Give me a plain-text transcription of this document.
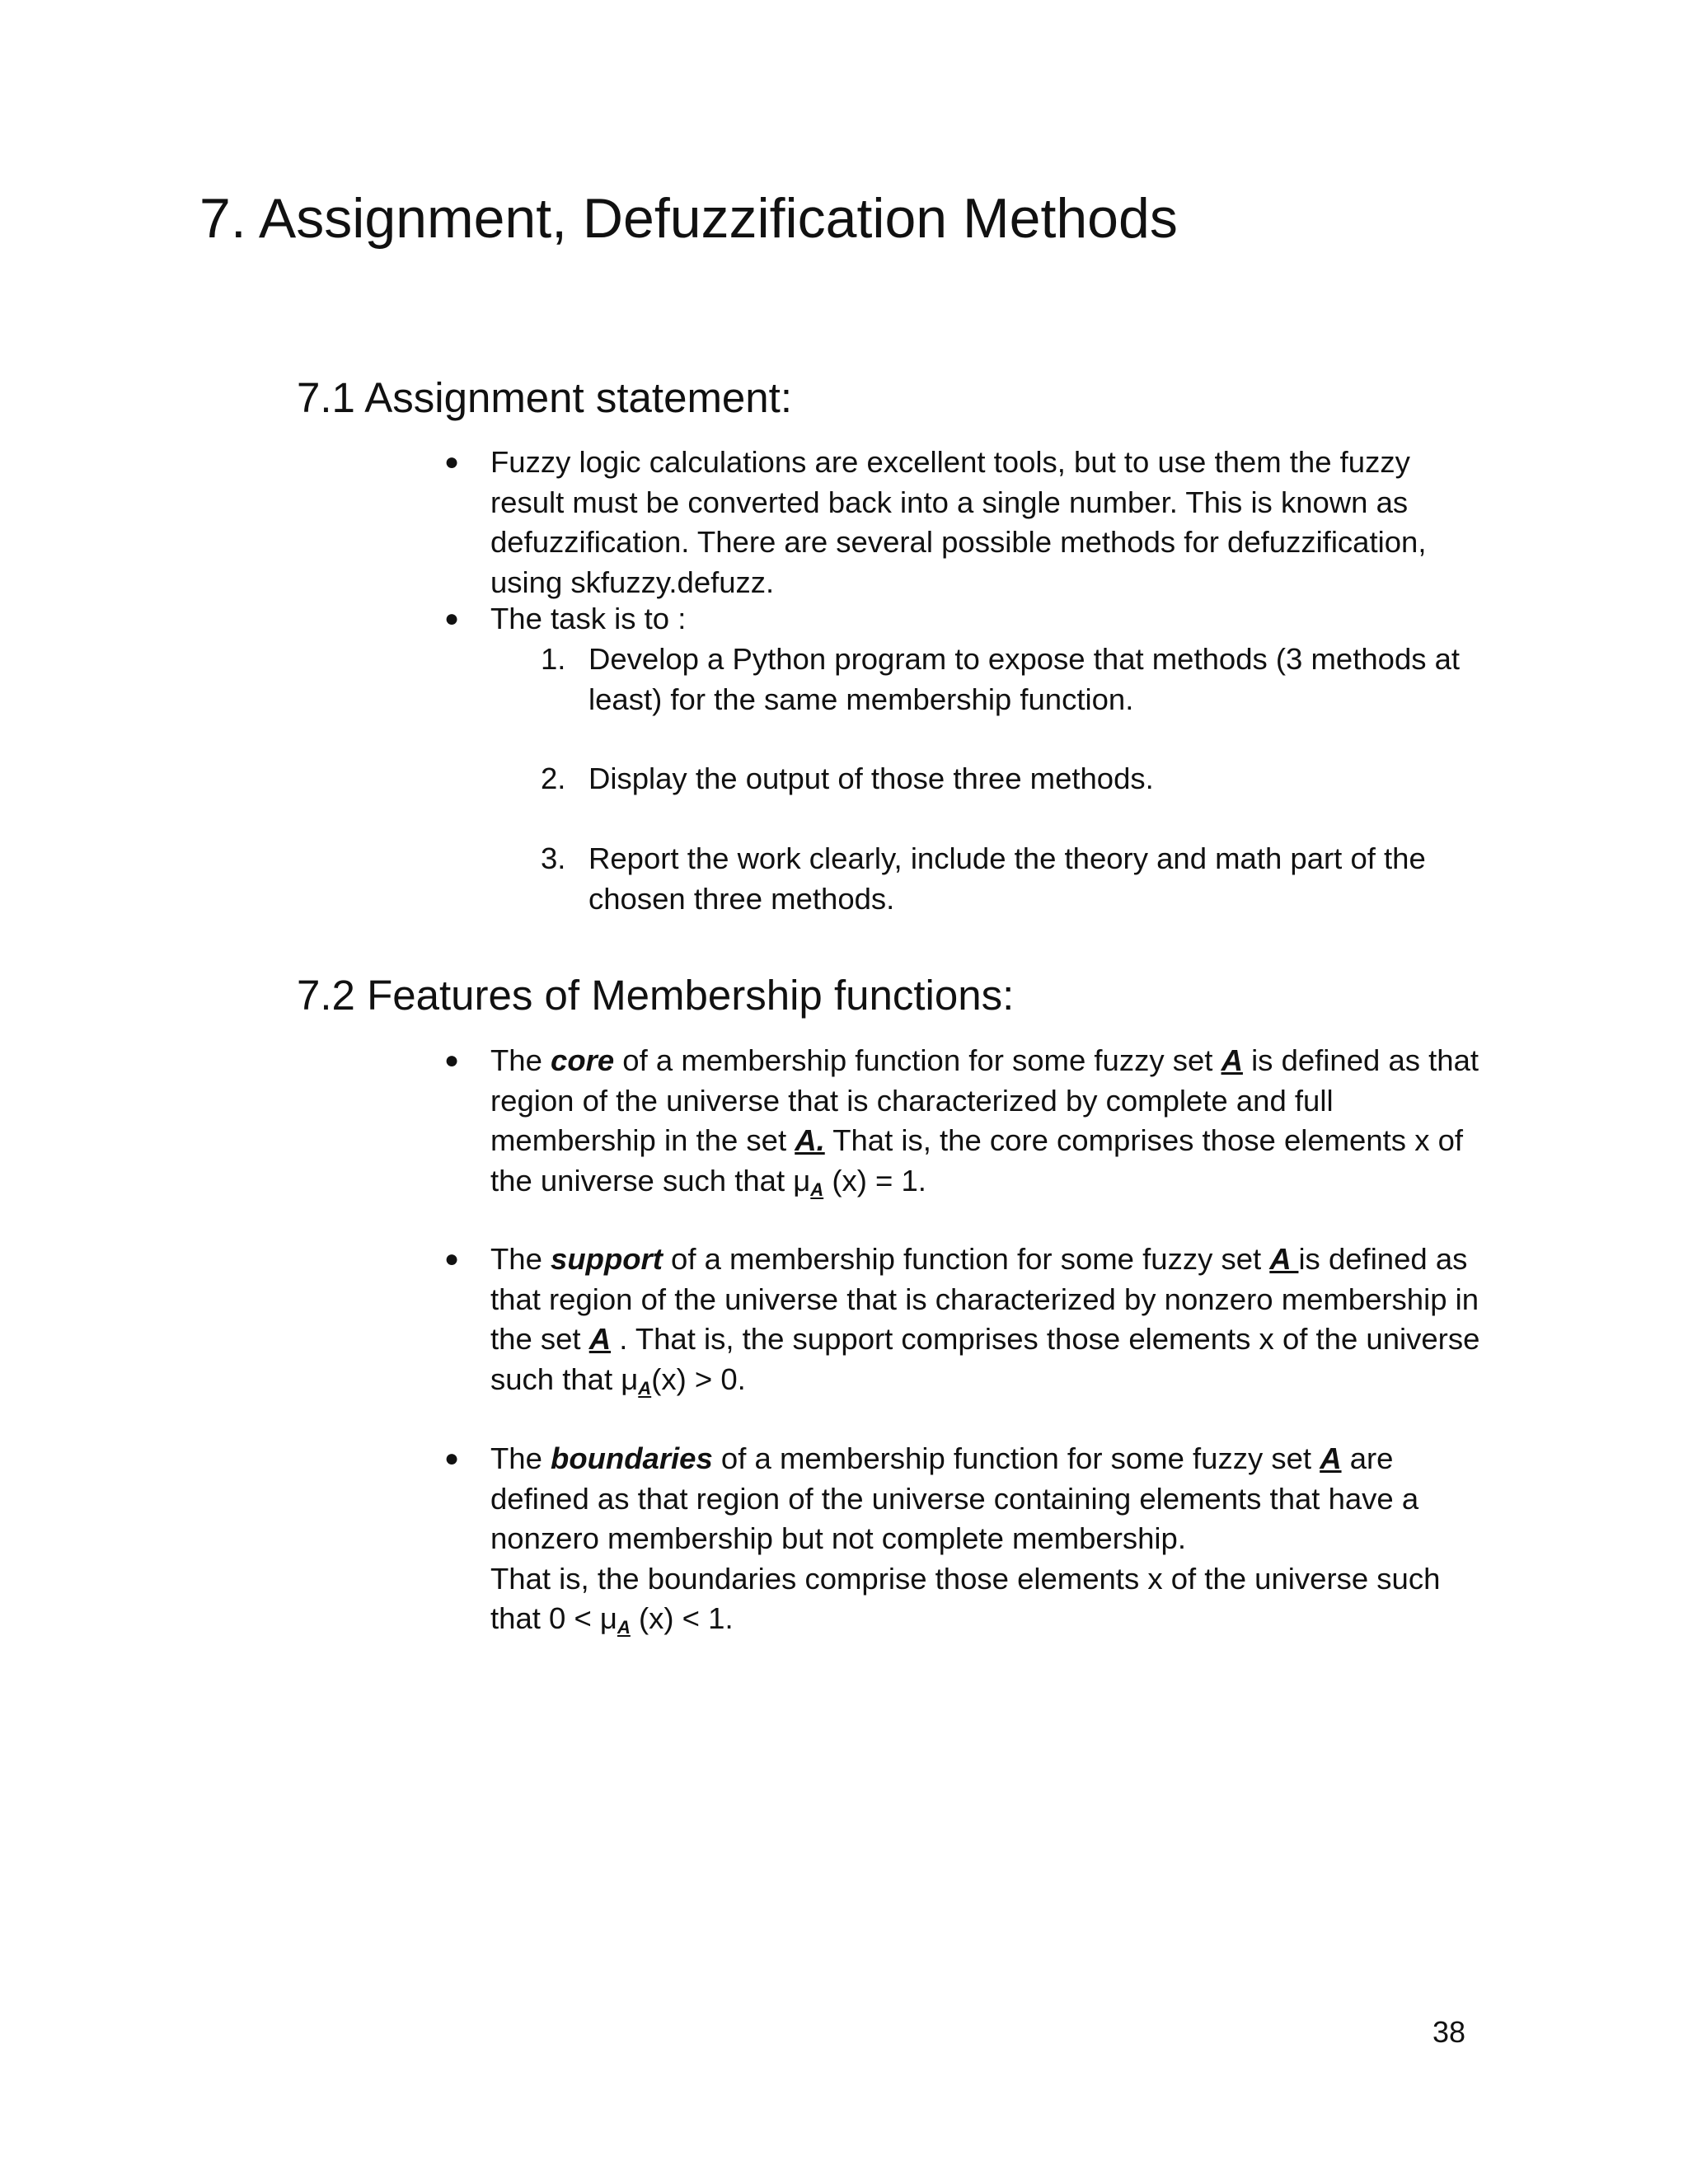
7. Assignment, Defuzzification Methods
7.1 Assignment statement:
● Fuzzy logic calculations are excellent tools, but to use them the fuzzy result must be converted back into a single number. This is known as defuzzification. There are several possible methods for defuzzification, using skfuzzy.defuzz.
● The task is to :
1. Develop a Python program to expose that methods (3 methods at least) for the same membership function.
2. Display the output of those three methods.
3. Report the work clearly, include the theory and math part of the chosen three methods.
7.2 Features of Membership functions:
● The core of a membership function for some fuzzy set A is defined as that region of the universe that is characterized by complete and full membership in the set A. That is, the core comprises those elements x of the universe such that $\mu_A$ (x) = 1.
● The support of a membership function for some fuzzy set A is defined as that region of the universe that is characterized by nonzero membership in the set A . That is, the support comprises those elements x of the universe such that $\mu_A(x) > 0$.
● The boundaries of a membership function for some fuzzy set A are defined as that region of the universe containing elements that have a nonzero membership but not complete membership.
That is, the boundaries comprise those elements x of the universe such that $0 < \mu_A$ (x) < 1.
38
